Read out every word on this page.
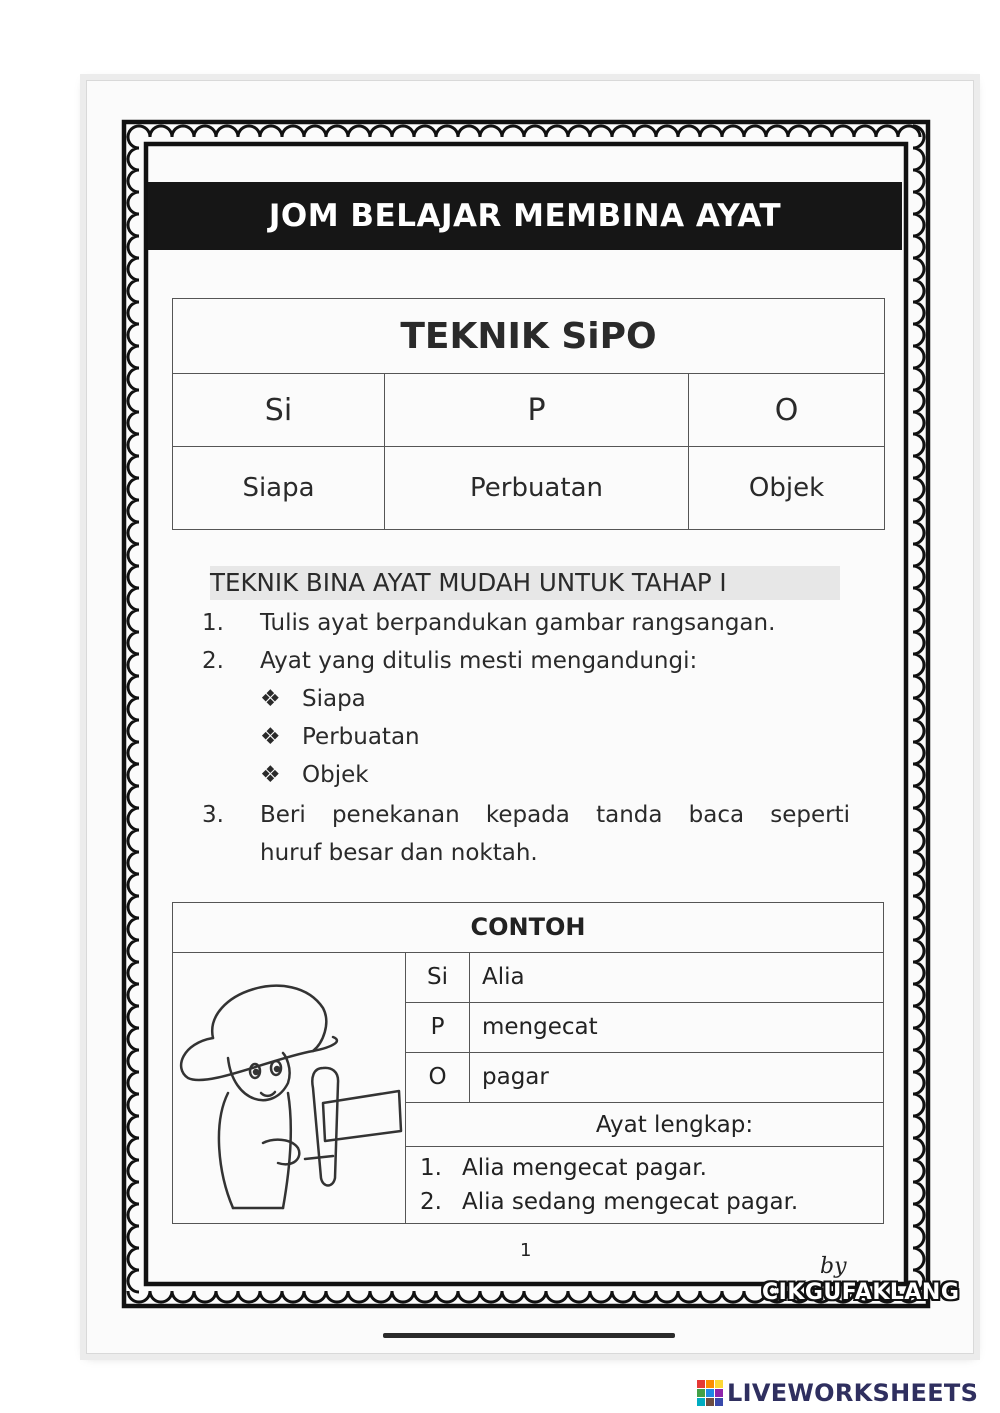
JOM BELAJAR MEMBINA AYAT
TEKNIK SiPO		
Si	P	O
Siapa	Perbuatan	Objek
TEKNIK BINA AYAT MUDAH UNTUK TAHAP I
1. Tulis ayat berpandukan gambar rangsangan.
2. Ayat yang ditulis mesti mengandungi:
❖ Siapa
❖ Perbuatan
❖ Objek
3. Beri penekanan kepada tanda baca seperti
huruf besar dan noktah.
CONTOH
Si	Alia
P	mengecat
O	pagar
Ayat lengkap:
1. Alia mengecat pagar.
2. Alia sedang mengecat pagar.
1
by
CIKGUFAKLANG
LIVEWORKSHEETS
